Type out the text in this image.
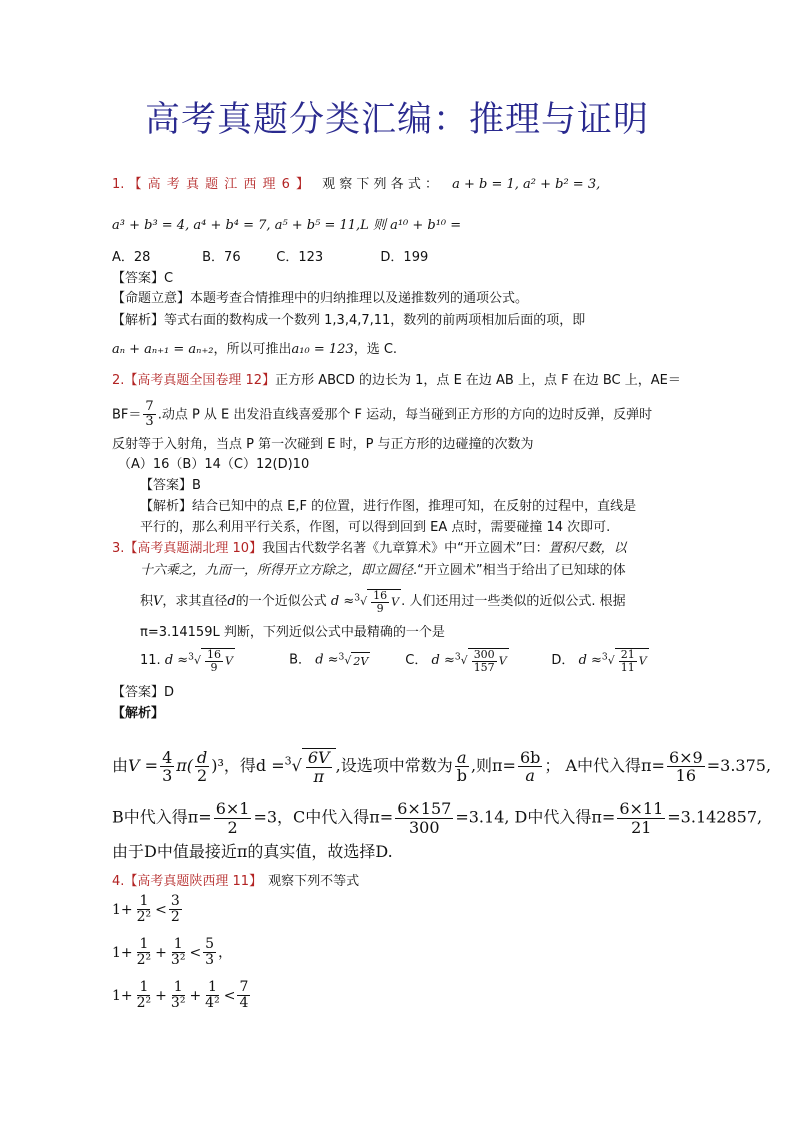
高考真题分类汇编：推理与证明
1. 【 高 考 真 题 江 西 理 6 】 观 察 下 列 各 式 ： a + b = 1, a² + b² = 3,
a³ + b³ = 4, a⁴ + b⁴ = 7, a⁵ + b⁵ = 11,L 则 a¹⁰ + b¹⁰ =
A．28	B．76	C．123	D．199
【答案】C
【命题立意】本题考查合情推理中的归纳推理以及递推数列的通项公式。
【解析】等式右面的数构成一个数列 1,3,4,7,11，数列的前两项相加后面的项，即
aₙ + aₙ₊₁ = aₙ₊₂，所以可推出a₁₀ = 123，选 C.
2.【高考真题全国卷理 12】正方形 ABCD 的边长为 1，点 E 在边 AB 上，点 F 在边 BC 上，AE＝
$BF= \frac{7}{3}$ .动点 P 从 E 出发沿直线喜爱那个 F 运动，每当碰到正方形的方向的边时反弹，反弹时
反射等于入射角，当点 P 第一次碰到 E 时，P 与正方形的边碰撞的次数为
（A）16（B）14（C）12(D)10
【答案】B
【解析】结合已知中的点 E,F 的位置，进行作图，推理可知，在反射的过程中，直线是
平行的，那么利用平行关系，作图，可以得到回到 EA 点时，需要碰撞 14 次即可.
3.【高考真题湖北理 10】我国古代数学名著《九章算术》中“开立圆术”曰：置积尺数，以
十六乘之，九而一，所得开立方除之，即立圆径.“开立圆术”相当于给出了已知球的体
积V，求其直径d的一个近似公式 $d \approx^3√ \frac{16}{9}$ V . 人们还用过一些类似的近似公式. 根据
π=3.14159L 判断，下列近似公式中最精确的一个是
11. $d \approx^3√ \frac{16}{9}$ V	B． d ≈$^3$√ 2V	C． $d \approx^3√ \frac{300}{157}$ V	D． $d \approx^3√ \frac{21}{11}$ V
【答案】D
【解析】
由$V = \frac{4}{3} \pi( \frac{d}{2} )^3$，得$d =^3√ \frac{6V}{\pi}$ ,设选项中常数为 $\frac{a}{b}$ ,则$\pi= \frac{6b}{a}$ ； A中代入得$\pi= \frac{6\times 9}{16} =3.375$,
B中代入得$\pi= \frac{6\times 1}{2} =3$，C中代入得$\pi= \frac{6\times 157}{300} =3.14$, D中代入得$\pi= \frac{6\times 11}{21} =3.142857$,
由于D中值最接近π的真实值，故选择D.
4.【高考真题陕西理 11】 观察下列不等式
$1+ \frac{1}{\text{2²}} < \frac{3}{2}$
$1+ \frac{1}{\text{2²}} + \frac{1}{\text{3²}} < \frac{5}{3}$ ，
$1+ \frac{1}{\text{2²}} + \frac{1}{\text{3²}} + \frac{1}{\text{4²}} < \frac{7}{4}$
